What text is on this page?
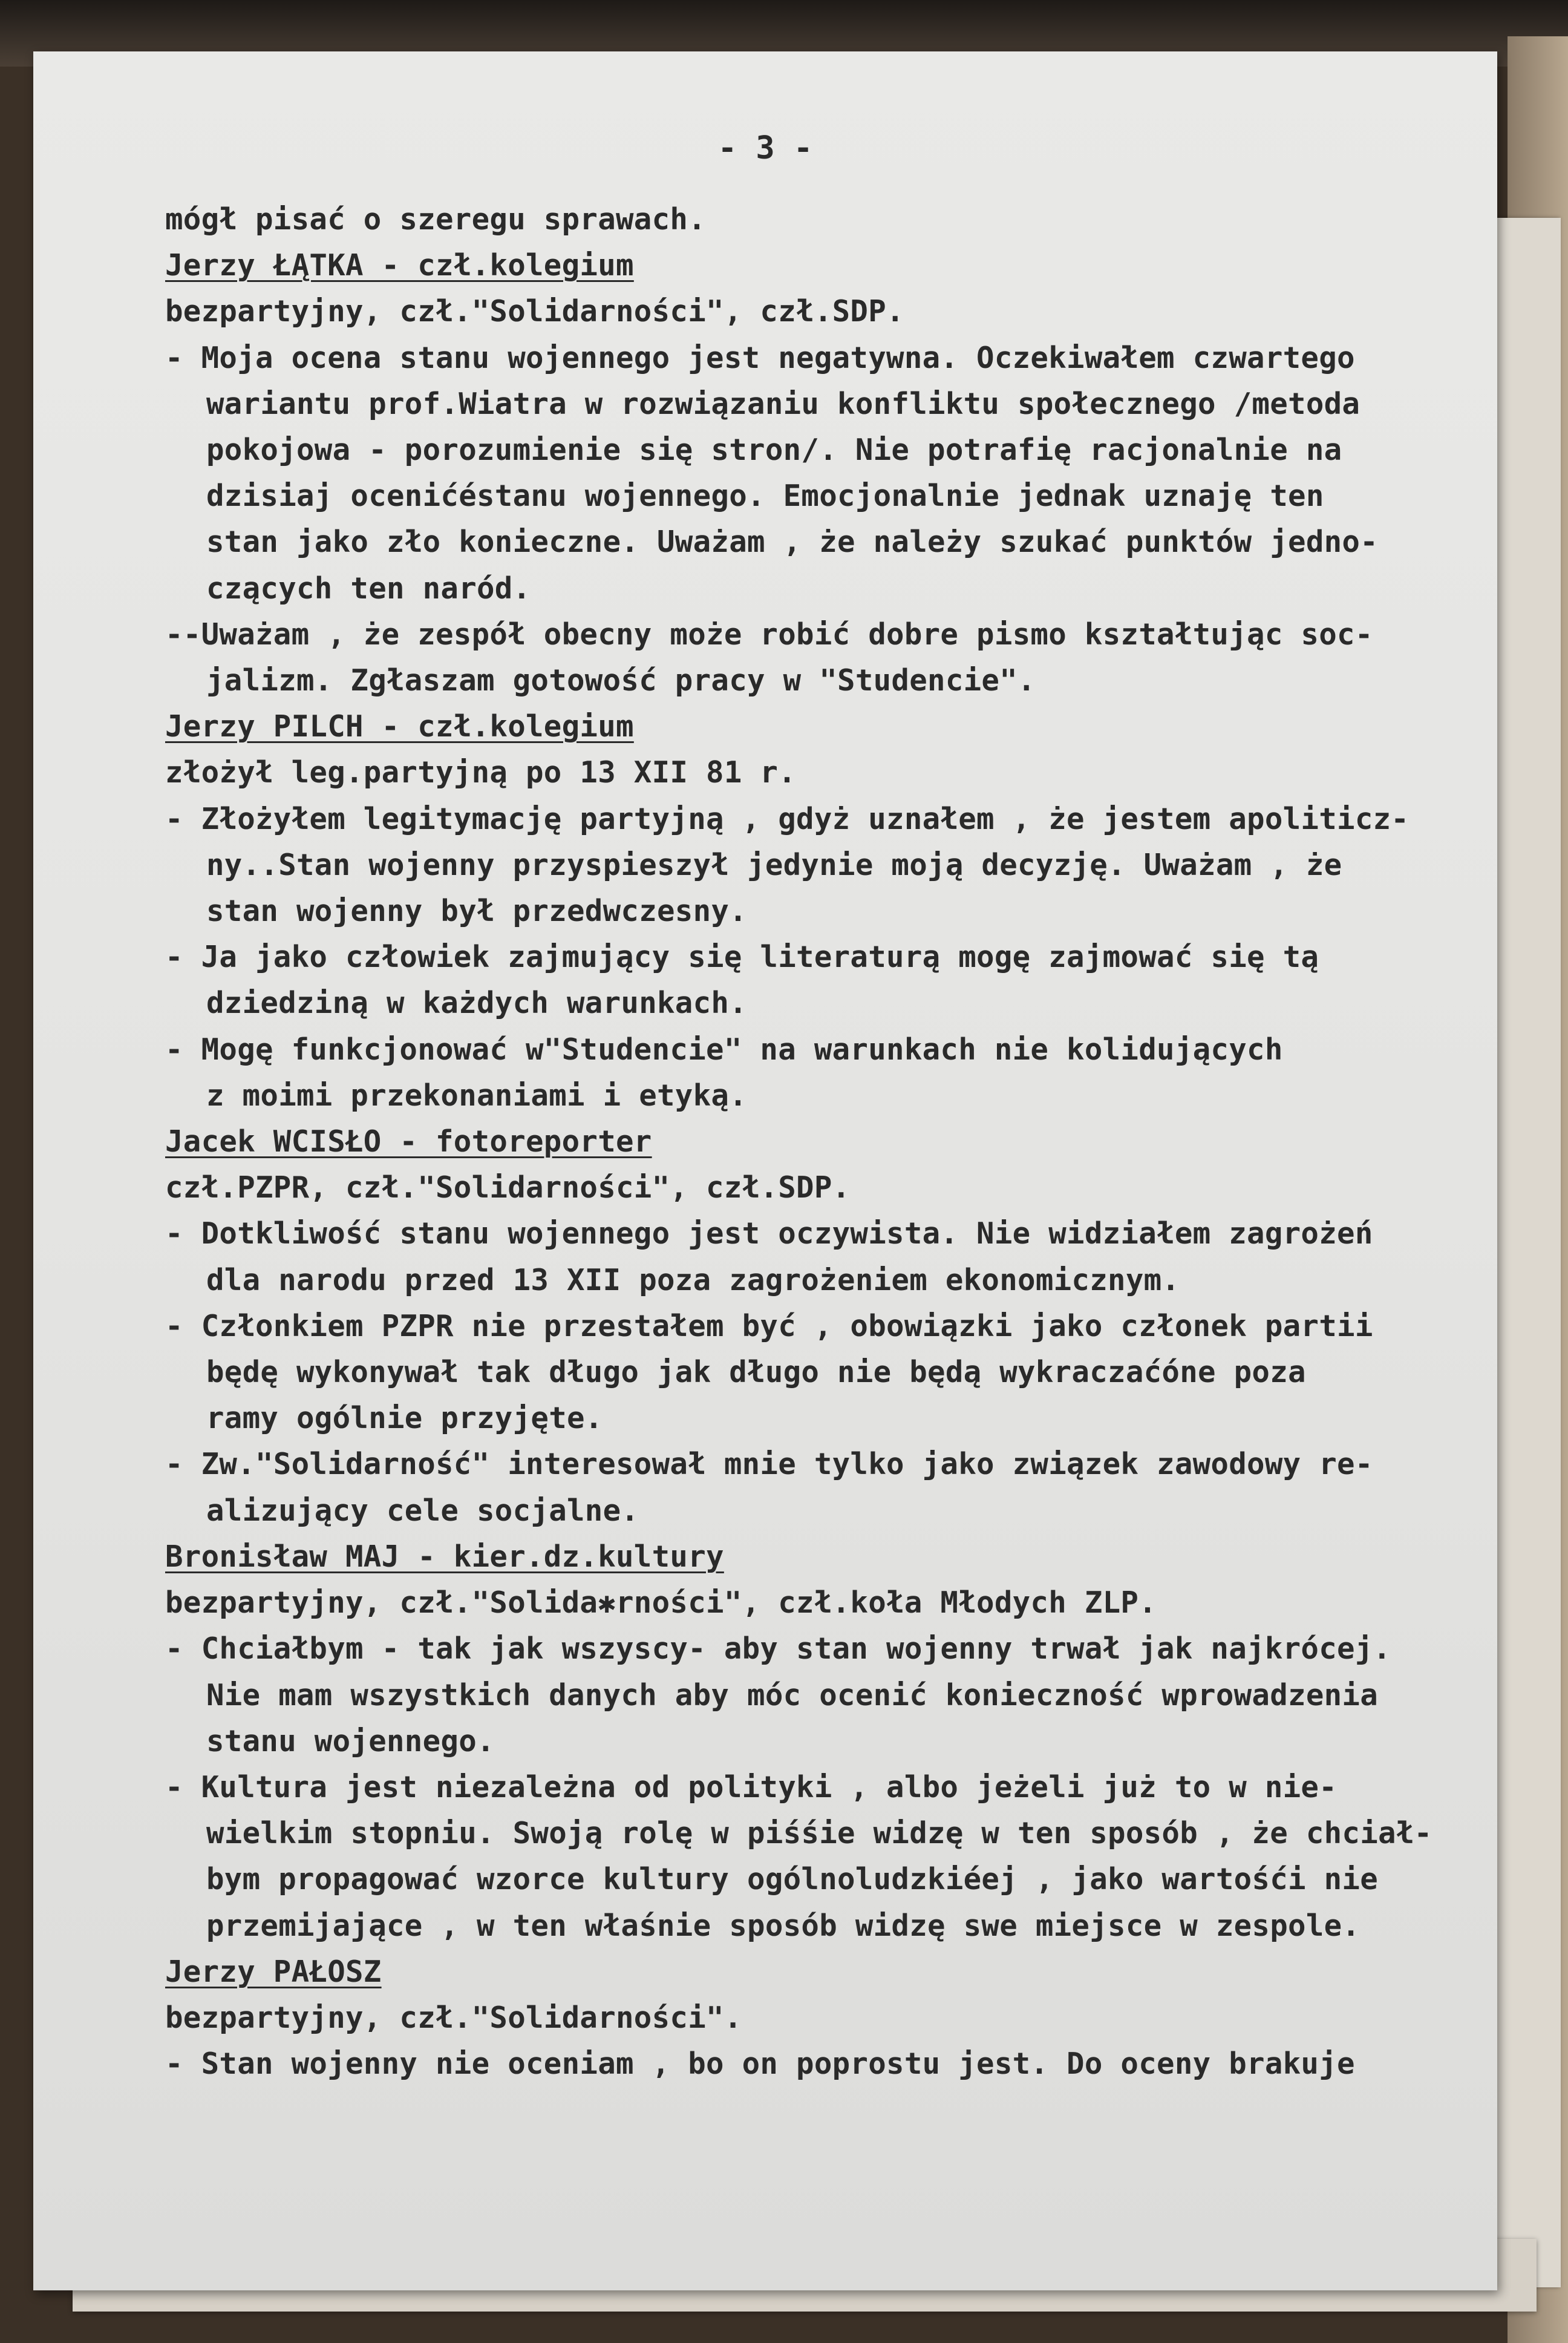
- 3 -
mógł pisać o szeregu sprawach.
Jerzy ŁĄTKA - czł.kolegium
bezpartyjny, czł."Solidarności", czł.SDP.
- Moja ocena stanu wojennego jest negatywna. Oczekiwałem czwartego
wariantu prof.Wiatra w rozwiązaniu konfliktu społecznego /metoda
pokojowa - porozumienie się stron/. Nie potrafię racjonalnie na
dzisiaj ocenićéstanu wojennego. Emocjonalnie jednak uznaję ten
stan jako zło konieczne. Uważam , że należy szukać punktów jedno-
czących ten naród.
--Uważam , że zespół obecny może robić dobre pismo kształtując soc-
jalizm. Zgłaszam gotowość pracy w "Studencie".
Jerzy PILCH - czł.kolegium
złożył leg.partyjną po 13 XII 81 r.
- Złożyłem legitymację partyjną , gdyż uznałem , że jestem apoliticz-
ny..Stan wojenny przyspieszył jedynie moją decyzję. Uważam , że
stan wojenny był przedwczesny.
- Ja jako człowiek zajmujący się literaturą mogę zajmować się tą
dziedziną w każdych warunkach.
- Mogę funkcjonować w"Studencie" na warunkach nie kolidujących
z moimi przekonaniami i etyką.
Jacek WCISŁO - fotoreporter
czł.PZPR, czł."Solidarności", czł.SDP.
- Dotkliwość stanu wojennego jest oczywista. Nie widziałem zagrożeń
dla narodu przed 13 XII poza zagrożeniem ekonomicznym.
- Członkiem PZPR nie przestałem być , obowiązki jako członek partii
będę wykonywał tak długo jak długo nie będą wykraczaćóne poza
ramy ogólnie przyjęte.
- Zw."Solidarność" interesował mnie tylko jako związek zawodowy re-
alizujący cele socjalne.
Bronisław MAJ - kier.dz.kultury
bezpartyjny, czł."Solida✱rności", czł.koła Młodych ZLP.
- Chciałbym - tak jak wszyscy- aby stan wojenny trwał jak najkrócej.
Nie mam wszystkich danych aby móc ocenić konieczność wprowadzenia
stanu wojennego.
- Kultura jest niezależna od polityki , albo jeżeli już to w nie-
wielkim stopniu. Swoją rolę w piśśie widzę w ten sposób , że chciał-
bym propagować wzorce kultury ogólnoludzkiéej , jako wartośći nie
przemijające , w ten właśnie sposób widzę swe miejsce w zespole.
Jerzy PAŁOSZ
bezpartyjny, czł."Solidarności".
- Stan wojenny nie oceniam , bo on poprostu jest. Do oceny brakuje
